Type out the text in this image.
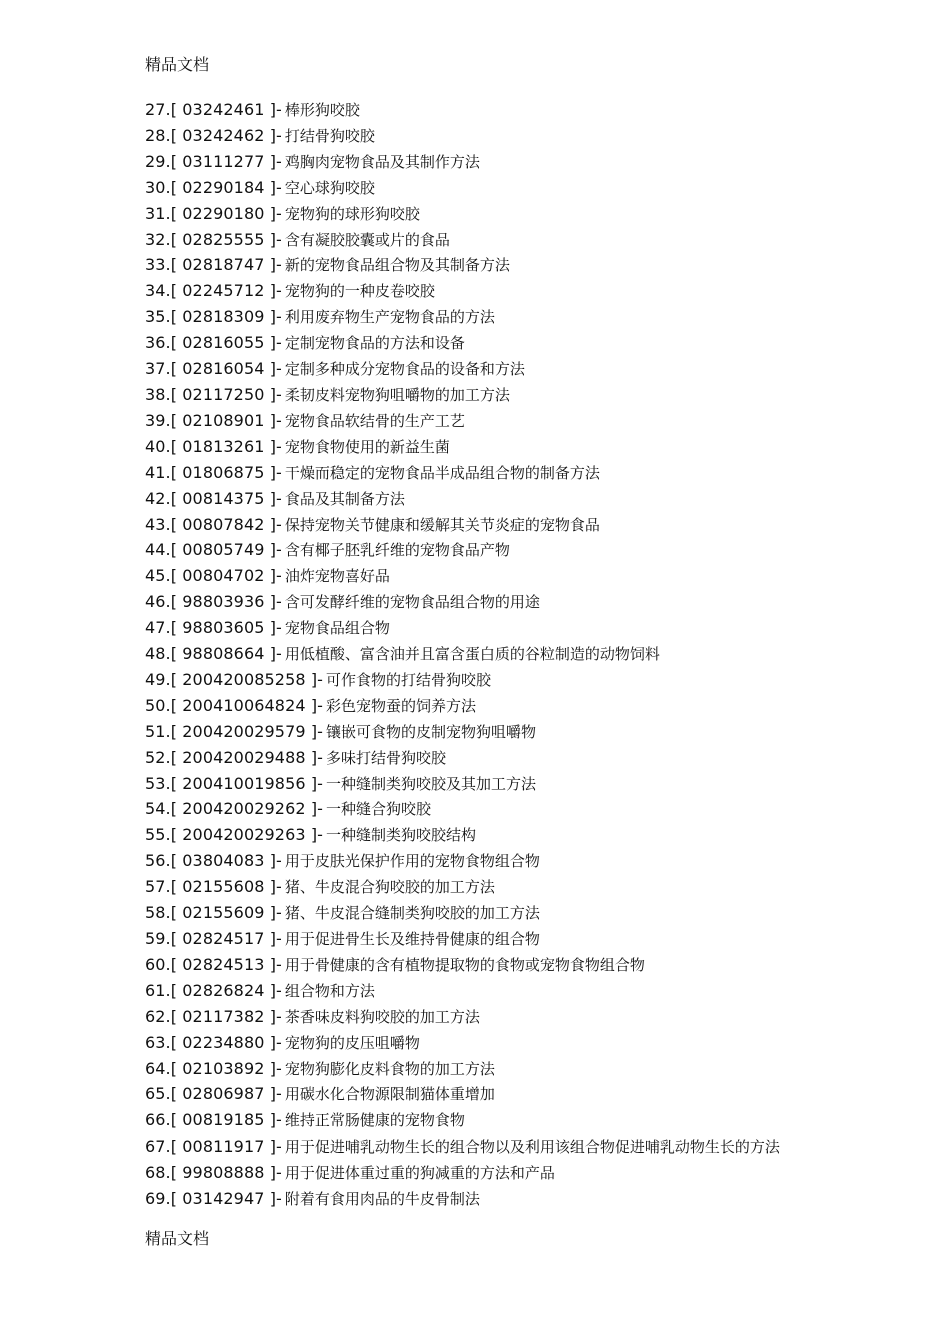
精品文档
27.[ 03242461 ]- 棒形狗咬胶
28.[ 03242462 ]- 打结骨狗咬胶
29.[ 03111277 ]- 鸡胸肉宠物食品及其制作方法
30.[ 02290184 ]- 空心球狗咬胶
31.[ 02290180 ]- 宠物狗的球形狗咬胶
32.[ 02825555 ]- 含有凝胶胶囊或片的食品
33.[ 02818747 ]- 新的宠物食品组合物及其制备方法
34.[ 02245712 ]- 宠物狗的一种皮卷咬胶
35.[ 02818309 ]- 利用废弃物生产宠物食品的方法
36.[ 02816055 ]- 定制宠物食品的方法和设备
37.[ 02816054 ]- 定制多种成分宠物食品的设备和方法
38.[ 02117250 ]- 柔韧皮料宠物狗咀嚼物的加工方法
39.[ 02108901 ]- 宠物食品软结骨的生产工艺
40.[ 01813261 ]- 宠物食物使用的新益生菌
41.[ 01806875 ]- 干燥而稳定的宠物食品半成品组合物的制备方法
42.[ 00814375 ]- 食品及其制备方法
43.[ 00807842 ]- 保持宠物关节健康和缓解其关节炎症的宠物食品
44.[ 00805749 ]- 含有椰子胚乳纤维的宠物食品产物
45.[ 00804702 ]- 油炸宠物喜好品
46.[ 98803936 ]- 含可发酵纤维的宠物食品组合物的用途
47.[ 98803605 ]- 宠物食品组合物
48.[ 98808664 ]- 用低植酸、富含油并且富含蛋白质的谷粒制造的动物饲料
49.[ 200420085258 ]- 可作食物的打结骨狗咬胶
50.[ 200410064824 ]- 彩色宠物蚕的饲养方法
51.[ 200420029579 ]- 镶嵌可食物的皮制宠物狗咀嚼物
52.[ 200420029488 ]- 多味打结骨狗咬胶
53.[ 200410019856 ]- 一种缝制类狗咬胶及其加工方法
54.[ 200420029262 ]- 一种缝合狗咬胶
55.[ 200420029263 ]- 一种缝制类狗咬胶结构
56.[ 03804083 ]- 用于皮肤光保护作用的宠物食物组合物
57.[ 02155608 ]- 猪、牛皮混合狗咬胶的加工方法
58.[ 02155609 ]- 猪、牛皮混合缝制类狗咬胶的加工方法
59.[ 02824517 ]- 用于促进骨生长及维持骨健康的组合物
60.[ 02824513 ]- 用于骨健康的含有植物提取物的食物或宠物食物组合物
61.[ 02826824 ]- 组合物和方法
62.[ 02117382 ]- 茶香味皮料狗咬胶的加工方法
63.[ 02234880 ]- 宠物狗的皮压咀嚼物
64.[ 02103892 ]- 宠物狗膨化皮料食物的加工方法
65.[ 02806987 ]- 用碳水化合物源限制猫体重增加
66.[ 00819185 ]- 维持正常肠健康的宠物食物
67.[ 00811917 ]- 用于促进哺乳动物生长的组合物以及利用该组合物促进哺乳动物生长的方法
68.[ 99808888 ]- 用于促进体重过重的狗减重的方法和产品
69.[ 03142947 ]- 附着有食用肉品的牛皮骨制法
精品文档
